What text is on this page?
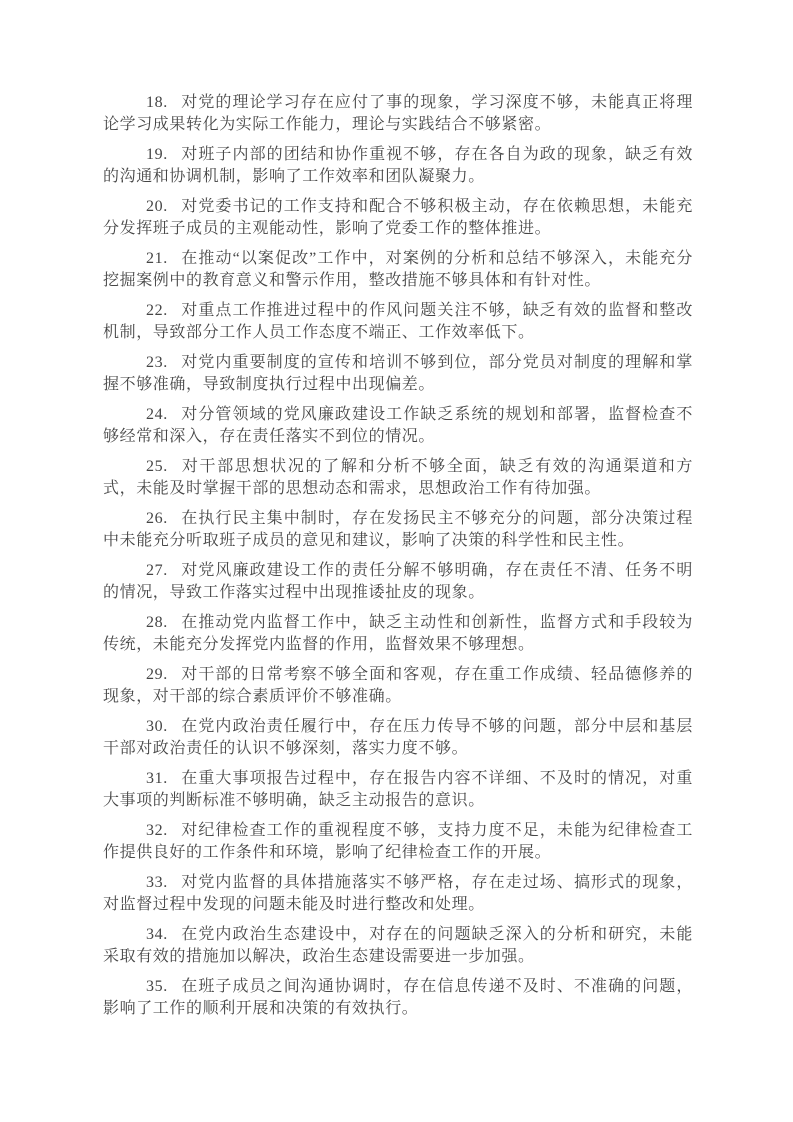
18. 对党的理论学习存在应付了事的现象，学习深度不够，未能真正将理论学习成果转化为实际工作能力，理论与实践结合不够紧密。

19. 对班子内部的团结和协作重视不够，存在各自为政的现象，缺乏有效的沟通和协调机制，影响了工作效率和团队凝聚力。

20. 对党委书记的工作支持和配合不够积极主动，存在依赖思想，未能充分发挥班子成员的主观能动性，影响了党委工作的整体推进。

21. 在推动“以案促改”工作中，对案例的分析和总结不够深入，未能充分挖掘案例中的教育意义和警示作用，整改措施不够具体和有针对性。

22. 对重点工作推进过程中的作风问题关注不够，缺乏有效的监督和整改机制，导致部分工作人员工作态度不端正、工作效率低下。

23. 对党内重要制度的宣传和培训不够到位，部分党员对制度的理解和掌握不够准确，导致制度执行过程中出现偏差。

24. 对分管领域的党风廉政建设工作缺乏系统的规划和部署，监督检查不够经常和深入，存在责任落实不到位的情况。

25. 对干部思想状况的了解和分析不够全面，缺乏有效的沟通渠道和方式，未能及时掌握干部的思想动态和需求，思想政治工作有待加强。

26. 在执行民主集中制时，存在发扬民主不够充分的问题，部分决策过程中未能充分听取班子成员的意见和建议，影响了决策的科学性和民主性。

27. 对党风廉政建设工作的责任分解不够明确，存在责任不清、任务不明的情况，导致工作落实过程中出现推诿扯皮的现象。

28. 在推动党内监督工作中，缺乏主动性和创新性，监督方式和手段较为传统，未能充分发挥党内监督的作用，监督效果不够理想。

29. 对干部的日常考察不够全面和客观，存在重工作成绩、轻品德修养的现象，对干部的综合素质评价不够准确。

30. 在党内政治责任履行中，存在压力传导不够的问题，部分中层和基层干部对政治责任的认识不够深刻，落实力度不够。

31. 在重大事项报告过程中，存在报告内容不详细、不及时的情况，对重大事项的判断标准不够明确，缺乏主动报告的意识。

32. 对纪律检查工作的重视程度不够，支持力度不足，未能为纪律检查工作提供良好的工作条件和环境，影响了纪律检查工作的开展。

33. 对党内监督的具体措施落实不够严格，存在走过场、搞形式的现象，对监督过程中发现的问题未能及时进行整改和处理。

34. 在党内政治生态建设中，对存在的问题缺乏深入的分析和研究，未能采取有效的措施加以解决，政治生态建设需要进一步加强。

35. 在班子成员之间沟通协调时，存在信息传递不及时、不准确的问题，影响了工作的顺利开展和决策的有效执行。
